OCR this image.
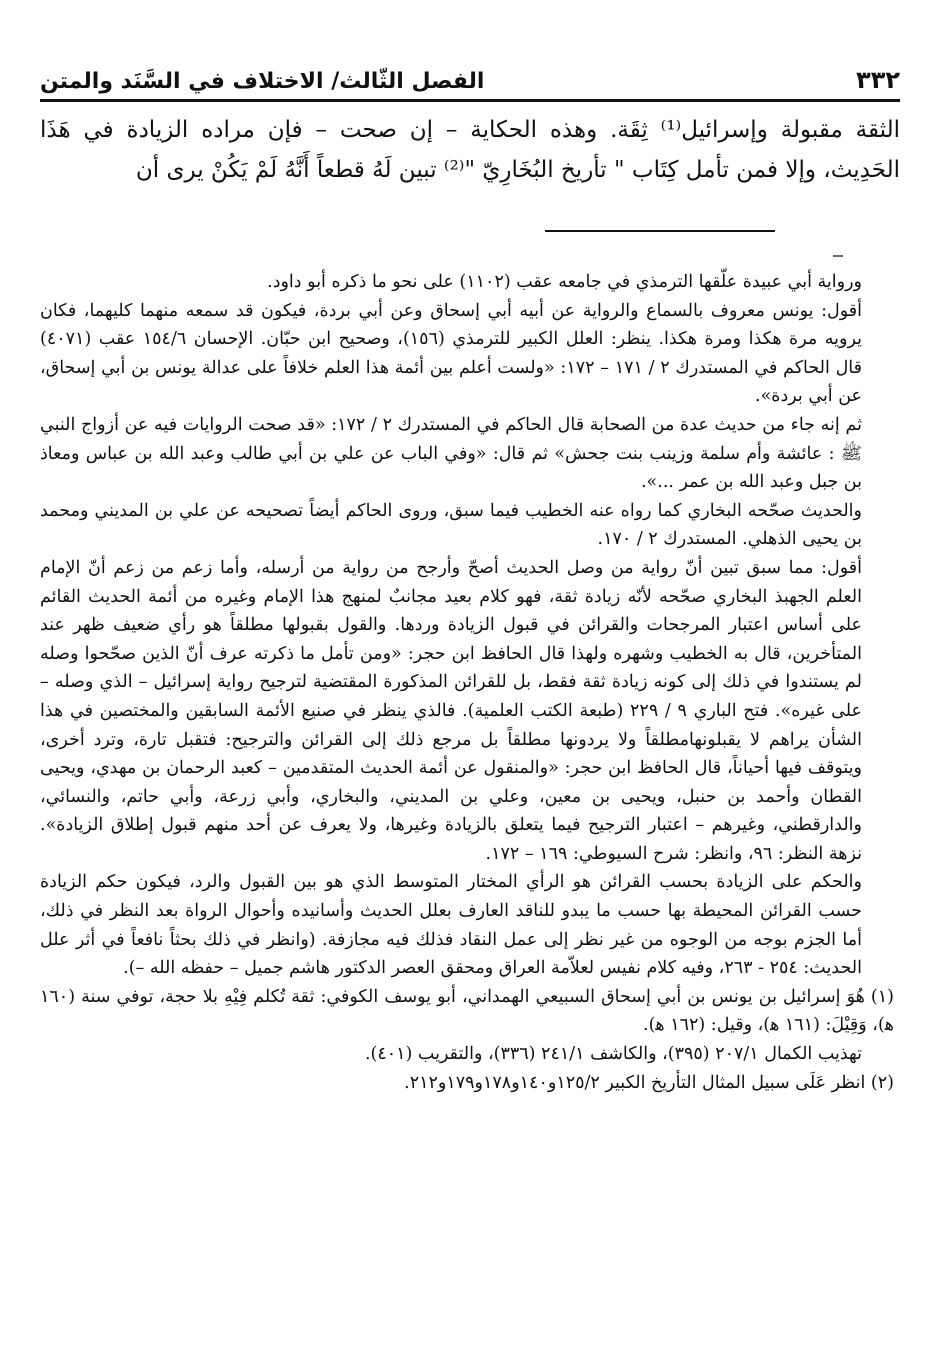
الفصل الثّالث/ الاختلاف في السَّنَد والمتن	٣٣٢

الثقة مقبولة وإسرائيل⁽¹⁾ ثِقَة. وهذه الحكاية – إن صحت – فإن مراده الزيادة في هَذَا الحَدِيث، وإلا فمن تأمل كِتَاب " تأريخ البُخَارِيّ "⁽²⁾ تبين لَهُ قطعاً أَنَّهُ لَمْ يَكُنْ يرى أن

ورواية أبي عبيدة علّقها الترمذي في جامعه عقب (١١٠٢) على نحو ما ذكره أبو داود.

أقول: يونس معروف بالسماع والرواية عن أبيه أبي إسحاق وعن أبي بردة، فيكون قد سمعه منهما كليهما، فكان يرويه مرة هكذا ومرة هكذا. ينظر: العلل الكبير للترمذي (١٥٦)، وصحيح ابن حبّان. الإحسان ١٥٤/٦ عقب (٤٠٧١) قال الحاكم في المستدرك ٢ / ١٧١ – ١٧٢: «ولست أعلم بين أئمة هذا العلم خلافاً على عدالة يونس بن أبي إسحاق، عن أبي بردة».

ثم إنه جاء من حديث عدة من الصحابة قال الحاكم في المستدرك ٢ / ١٧٢: «قد صحت الروايات فيه عن أزواج النبي ﷺ : عائشة وأم سلمة وزينب بنت جحش» ثم قال: «وفي الباب عن علي بن أبي طالب وعبد الله بن عباس ومعاذ بن جبل وعبد الله بن عمر ...».

والحديث صحّحه البخاري كما رواه عنه الخطيب فيما سبق، وروى الحاكم أيضاً تصحيحه عن علي بن المديني ومحمد بن يحيى الذهلي. المستدرك ٢ / ١٧٠.

أقول: مما سبق تبين أنّ رواية من وصل الحديث أصحّ وأرجح من رواية من أرسله، وأما زعم من زعم أنّ الإمام العلم الجهبذ البخاري صحّحه لأنّه زيادة ثقة، فهو كلام بعيد مجانبٌ لمنهج هذا الإمام وغيره من أئمة الحديث القائم على أساس اعتبار المرجحات والقرائن في قبول الزيادة وردها. والقول بقبولها مطلقاً هو رأي ضعيف ظهر عند المتأخرين، قال به الخطيب وشهره ولهذا قال الحافظ ابن حجر: «ومن تأمل ما ذكرته عرف أنّ الذين صحّحوا وصله لم يستندوا في ذلك إلى كونه زيادة ثقة فقط، بل للقرائن المذكورة المقتضية لترجيح رواية إسرائيل – الذي وصله – على غيره». فتح الباري ٩ / ٢٢٩ (طبعة الكتب العلمية). فالذي ينظر في صنيع الأئمة السابقين والمختصين في هذا الشأن يراهم لا يقبلونهامطلقاً ولا يردونها مطلقاً بل مرجع ذلك إلى القرائن والترجيح: فتقبل تارة، وترد أخرى، ويتوقف فيها أحياناً، قال الحافظ ابن حجر: «والمنقول عن أئمة الحديث المتقدمين – كعبد الرحمان بن مهدي، ويحيى القطان وأحمد بن حنبل، ويحيى بن معين، وعلي بن المديني، والبخاري، وأبي زرعة، وأبي حاتم، والنسائي، والدارقطني، وغيرهم – اعتبار الترجيح فيما يتعلق بالزيادة وغيرها، ولا يعرف عن أحد منهم قبول إطلاق الزيادة». نزهة النظر: ٩٦، وانظر: شرح السيوطي: ١٦٩ – ١٧٢.

والحكم على الزيادة بحسب القرائن هو الرأي المختار المتوسط الذي هو بين القبول والرد، فيكون حكم الزيادة حسب القرائن المحيطة بها حسب ما يبدو للناقد العارف بعلل الحديث وأسانيده وأحوال الرواة بعد النظر في ذلك، أما الجزم بوجه من الوجوه من غير نظر إلى عمل النقاد فذلك فيه مجازفة. (وانظر في ذلك بحثاً نافعاً في أثر علل الحديث: ٢٥٤ - ٢٦٣، وفيه كلام نفيس لعلاّمة العراق ومحقق العصر الدكتور هاشم جميل – حفظه الله –).

(١) هُوَ إسرائيل بن يونس بن أبي إسحاق السبيعي الهمداني، أبو يوسف الكوفي: ثقة تُكلم فِيْهِ بلا حجة، توفي سنة (١٦٠ ﻫ)، وَقِيْلَ: (١٦١ ﻫ)، وقيل: (١٦٢ ﻫ).

تهذيب الكمال ٢٠٧/١ (٣٩٥)، والكاشف ٢٤١/١ (٣٣٦)، والتقريب (٤٠١).

(٢) انظر عَلَى سبيل المثال التأريخ الكبير ١٢٥/٢و١٤٠و١٧٨و١٧٩و٢١٢.
